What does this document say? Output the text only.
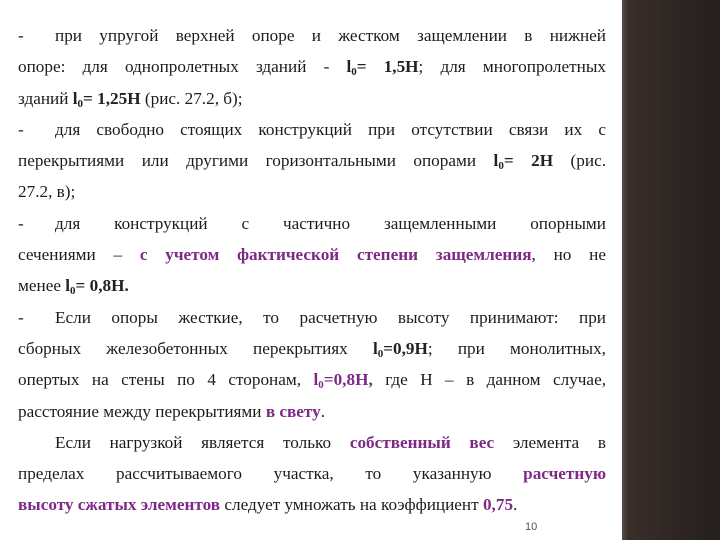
-	при упругой верхней опоре и жестком защемлении в нижней
опоре: для однопролетных зданий - $l_0= 1,5Н$; для многопролетных
зданий $l_0= 1,25Н$ (рис. 27.2, б);
-	для свободно стоящих конструкций при отсутствии связи их с
перекрытиями или другими горизонтальными опорами $l_0= 2Н$ (рис.
27.2, в);
-	для конструкций с частично защемленными опорными
сечениями – с учетом фактической степени защемления, но не
менее $l_0= 0,8Н$.
-	Если опоры жесткие, то расчетную высоту принимают: при
сборных железобетонных перекрытиях $l_0=0,9Н$; при монолитных,
опертых на стены по 4 сторонам, $l_0=0,8Н$, где Н – в данном случае,
расстояние между перекрытиями в свету.
Если нагрузкой является только собственный вес элемента в
пределах рассчитываемого участка, то указанную расчетную
высоту сжатых элементов следует умножать на коэффициент 0,75.
10
